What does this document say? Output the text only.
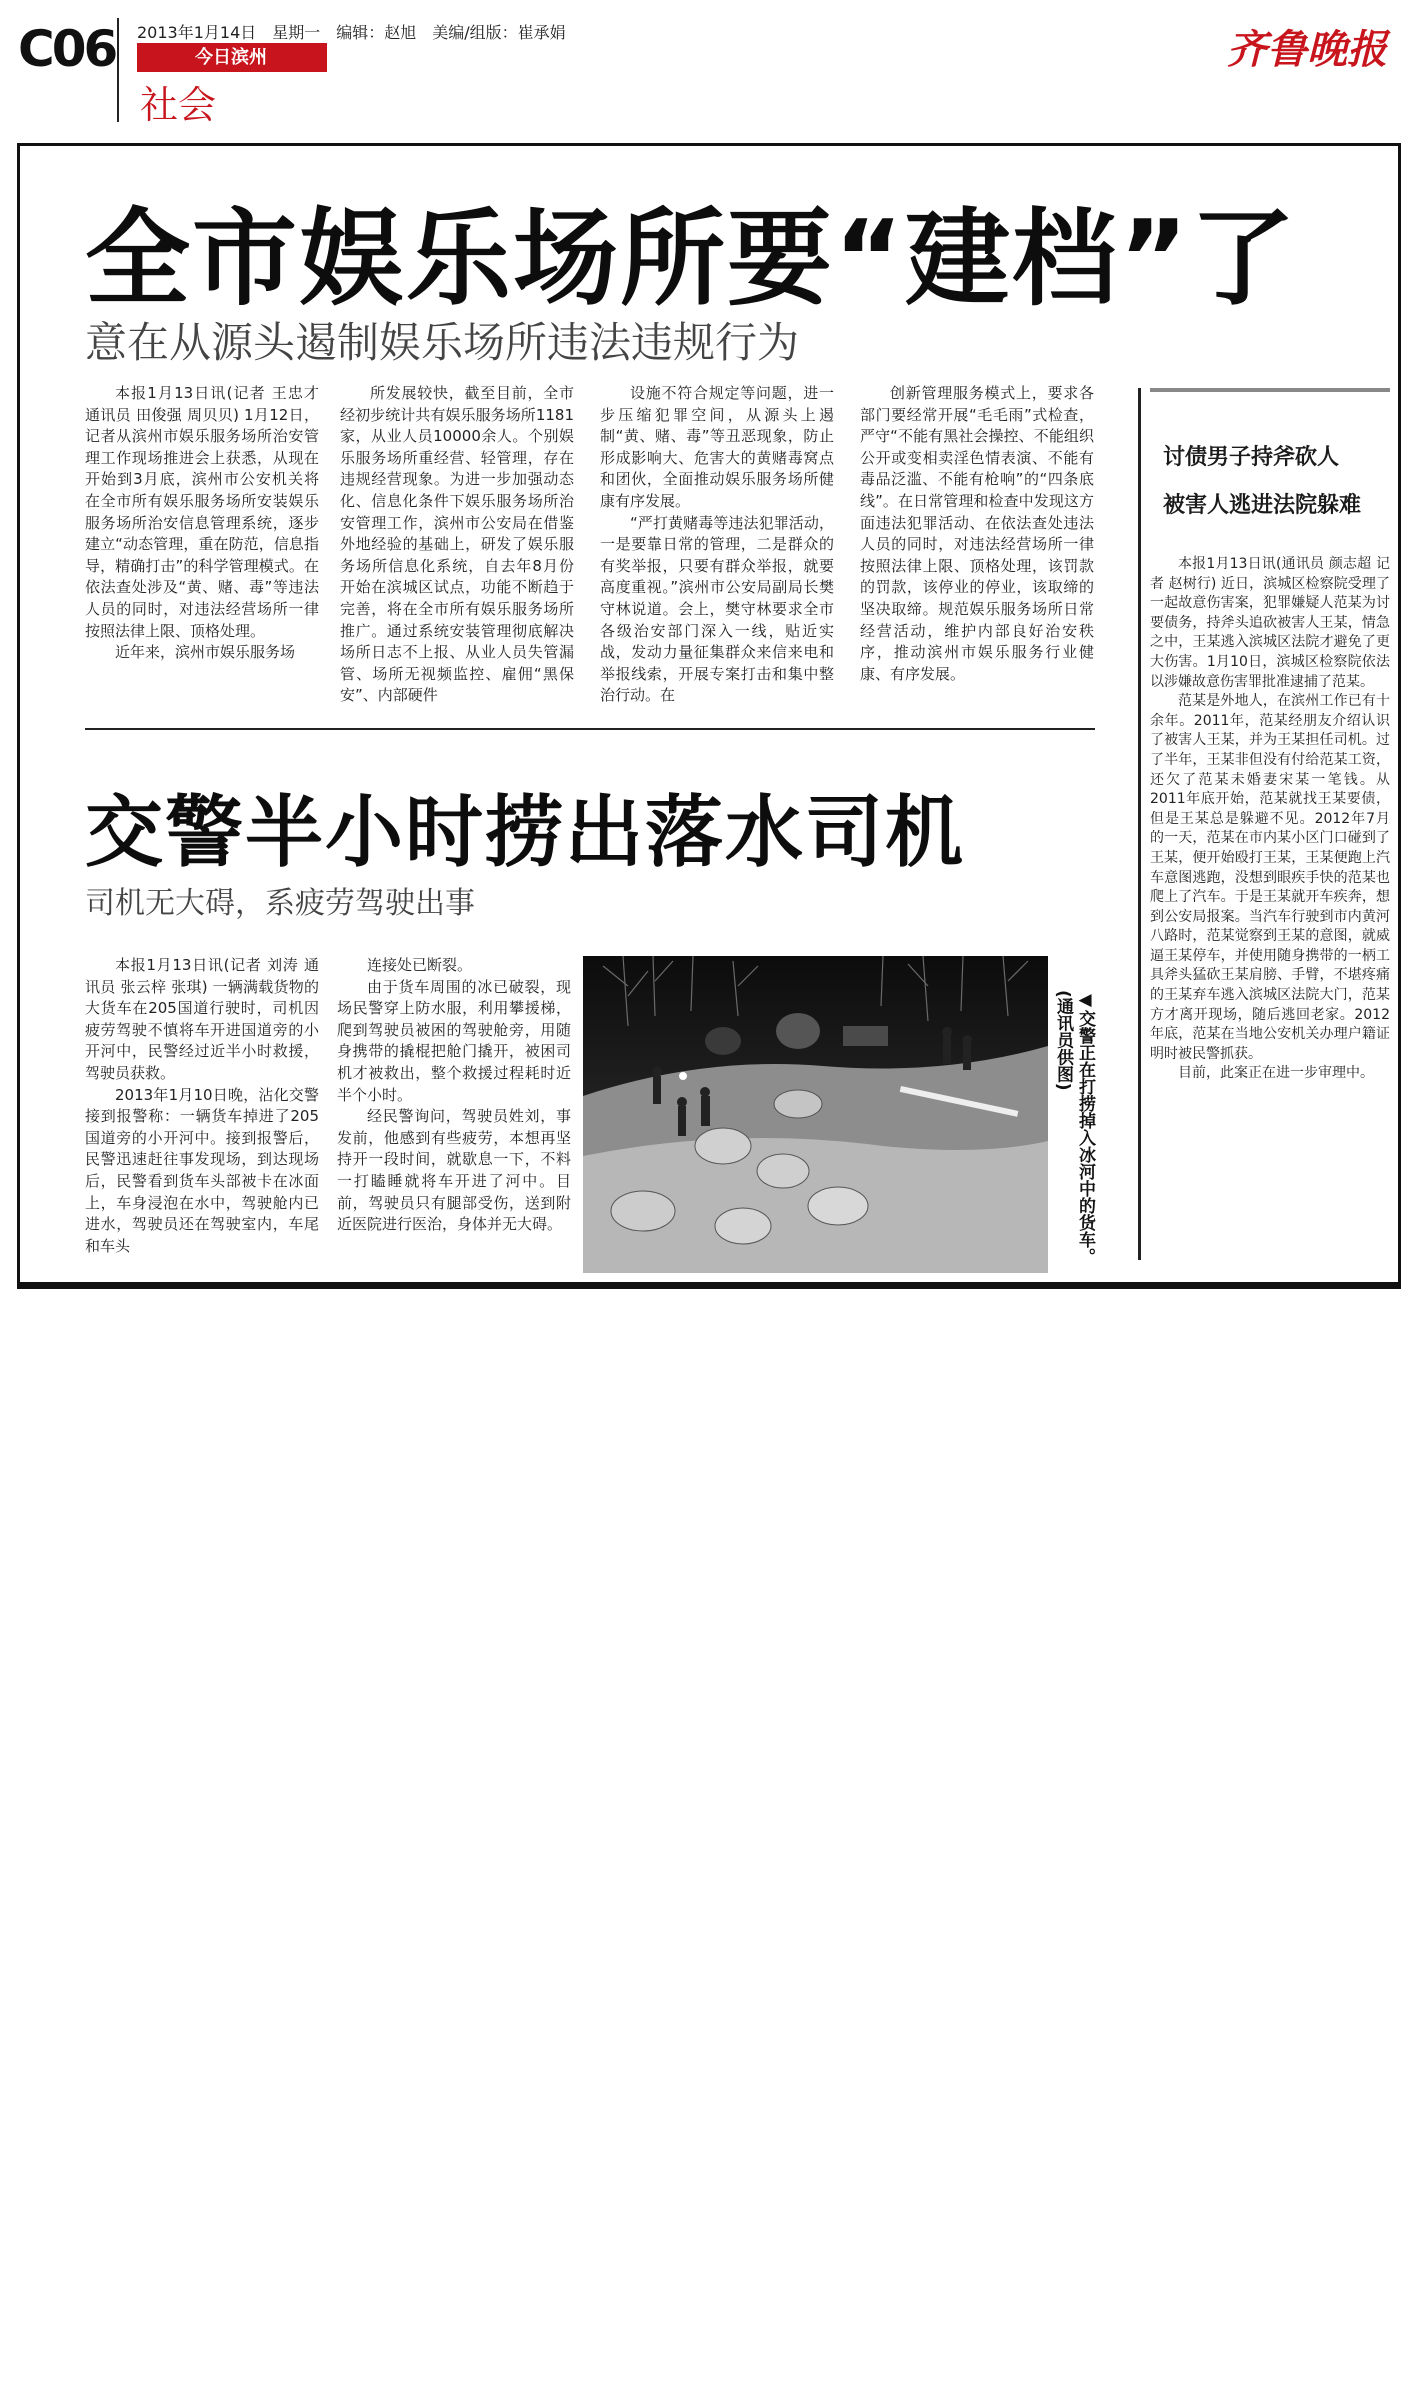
C06 2013年1月14日　星期一　编辑：赵旭　美编/组版：崔承娟
今日滨州
社会
齐鲁晚报
全市娱乐场所要“建档”了
意在从源头遏制娱乐场所违法违规行为

本报1月13日讯(记者 王忠才 通讯员 田俊强 周贝贝) 1月12日，记者从滨州市娱乐服务场所治安管理工作现场推进会上获悉，从现在开始到3月底，滨州市公安机关将在全市所有娱乐服务场所安装娱乐服务场所治安信息管理系统，逐步建立“动态管理，重在防范，信息指导，精确打击”的科学管理模式。在依法查处涉及“黄、赌、毒”等违法人员的同时，对违法经营场所一律按照法律上限、顶格处理。

近年来，滨州市娱乐服务场

所发展较快，截至目前，全市经初步统计共有娱乐服务场所1181家，从业人员10000余人。个别娱乐服务场所重经营、轻管理，存在违规经营现象。为进一步加强动态化、信息化条件下娱乐服务场所治安管理工作，滨州市公安局在借鉴外地经验的基础上，研发了娱乐服务场所信息化系统，自去年8月份开始在滨城区试点，功能不断趋于完善，将在全市所有娱乐服务场所推广。通过系统安装管理彻底解决场所日志不上报、从业人员失管漏管、场所无视频监控、雇佣“黑保安”、内部硬件

设施不符合规定等问题，进一步压缩犯罪空间，从源头上遏制“黄、赌、毒”等丑恶现象，防止形成影响大、危害大的黄赌毒窝点和团伙，全面推动娱乐服务场所健康有序发展。

“严打黄赌毒等违法犯罪活动，一是要靠日常的管理，二是群众的有奖举报，只要有群众举报，就要高度重视。”滨州市公安局副局长樊守林说道。会上，樊守林要求全市各级治安部门深入一线，贴近实战，发动力量征集群众来信来电和举报线索，开展专案打击和集中整治行动。在

创新管理服务模式上，要求各部门要经常开展“毛毛雨”式检查，严守“不能有黑社会操控、不能组织公开或变相卖淫色情表演、不能有毒品泛滥、不能有枪响”的“四条底线”。在日常管理和检查中发现这方面违法犯罪活动、在依法查处违法人员的同时，对违法经营场所一律按照法律上限、顶格处理，该罚款的罚款，该停业的停业，该取缔的坚决取缔。规范娱乐服务场所日常经营活动，维护内部良好治安秩序，推动滨州市娱乐服务行业健康、有序发展。

交警半小时捞出落水司机
司机无大碍，系疲劳驾驶出事

本报1月13日讯(记者 刘涛 通讯员 张云梓 张琪) 一辆满载货物的大货车在205国道行驶时，司机因疲劳驾驶不慎将车开进国道旁的小开河中，民警经过近半小时救援，驾驶员获救。

2013年1月10日晚，沾化交警接到报警称：一辆货车掉进了205国道旁的小开河中。接到报警后，民警迅速赶往事发现场，到达现场后，民警看到货车头部被卡在冰面上，车身浸泡在水中，驾驶舱内已进水，驾驶员还在驾驶室内，车尾和车头

连接处已断裂。

由于货车周围的冰已破裂，现场民警穿上防水服，利用攀援梯，爬到驾驶员被困的驾驶舱旁，用随身携带的撬棍把舱门撬开，被困司机才被救出，整个救援过程耗时近半个小时。

经民警询问，驾驶员姓刘，事发前，他感到有些疲劳，本想再坚持开一段时间，就歇息一下，不料一打瞌睡就将车开进了河中。目前，驾驶员只有腿部受伤，送到附近医院进行医治，身体并无大碍。	◀交警正在打捞掉入冰河中的货车。(通讯员供图)
讨债男子持斧砍人
被害人逃进法院躲难

本报1月13日讯(通讯员 颜志超 记者 赵树行) 近日，滨城区检察院受理了一起故意伤害案，犯罪嫌疑人范某为讨要债务，持斧头追砍被害人王某，情急之中，王某逃入滨城区法院才避免了更大伤害。1月10日，滨城区检察院依法以涉嫌故意伤害罪批准逮捕了范某。

范某是外地人，在滨州工作已有十余年。2011年，范某经朋友介绍认识了被害人王某，并为王某担任司机。过了半年，王某非但没有付给范某工资，还欠了范某未婚妻宋某一笔钱。从2011年底开始，范某就找王某要债，但是王某总是躲避不见。2012年7月的一天，范某在市内某小区门口碰到了王某，便开始殴打王某，王某便跑上汽车意图逃跑，没想到眼疾手快的范某也爬上了汽车。于是王某就开车疾奔，想到公安局报案。当汽车行驶到市内黄河八路时，范某觉察到王某的意图，就威逼王某停车，并使用随身携带的一柄工具斧头猛砍王某肩膀、手臂，不堪疼痛的王某弃车逃入滨城区法院大门，范某方才离开现场，随后逃回老家。2012年底，范某在当地公安机关办理户籍证明时被民警抓获。

目前，此案正在进一步审理中。
